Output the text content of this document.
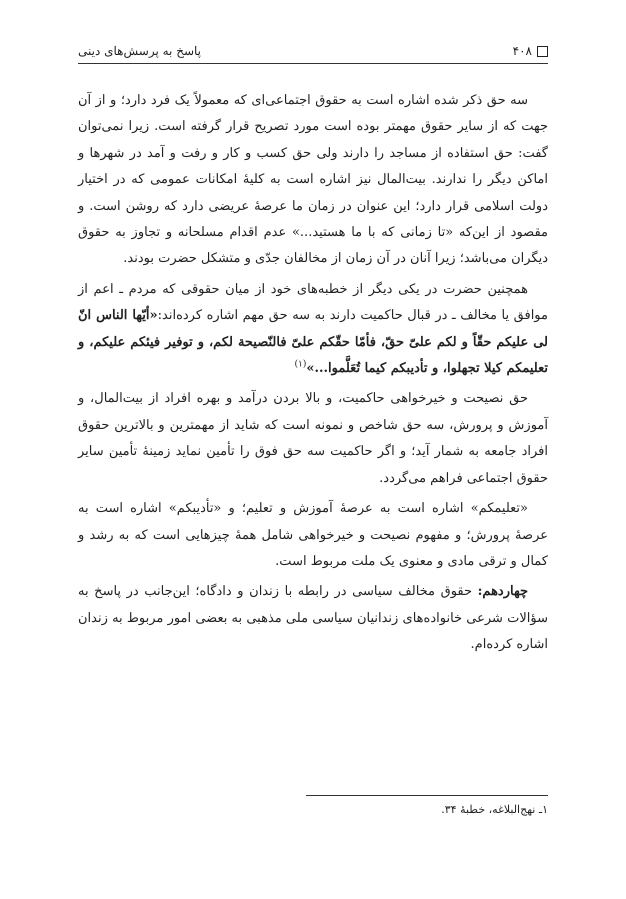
۴۰۸
پاسخ به پرسش‌های دینی

سه حق ذکر شده اشاره است به حقوق اجتماعی‌ای که معمولاً یک فرد دارد؛ و از آن جهت که از سایر حقوق مهمتر بوده است مورد تصریح قرار گرفته است. زیرا نمی‌توان گفت: حق استفاده از مساجد را دارند ولی حق کسب و کار و رفت و آمد در شهرها و اماکن دیگر را ندارند. بیت‌المال نیز اشاره است به کلیهٔ امکانات عمومی که در اختیار دولت اسلامی قرار دارد؛ این عنوان در زمان ما عرصهٔ عریضی دارد که روشن است. و مقصود از این‌که «تا زمانی که با ما هستید...» عدم اقدام مسلحانه و تجاوز به حقوق دیگران می‌باشد؛ زیرا آنان در آن زمان از مخالفان جدّی و متشکل حضرت بودند.

همچنین حضرت در یکی دیگر از خطبه‌های خود از میان حقوقی که مردم ـ اعم از موافق یا مخالف ـ در قبال حاکمیت دارند به سه حق مهم اشاره کرده‌اند:«أيّها الناس انّ لى عليكم حقّاً و لكم علىّ حقّ، فأمّا حقّكم علىّ فالنّصيحة لكم، و توفير فيئكم عليكم، و تعليمكم كيلا تجهلوا، و تأديبكم كيما تُعَلَّموا...»$^{(۱)}$

حق نصیحت و خیرخواهی حاکمیت، و بالا بردن درآمد و بهره افراد از بیت‌المال، و آموزش و پرورش، سه حق شاخص و نمونه است که شاید از مهمترین و بالاترین حقوق افراد جامعه به شمار آید؛ و اگر حاکمیت سه حق فوق را تأمین نماید زمینهٔ تأمین سایر حقوق اجتماعی فراهم می‌گردد.

«تعلیمکم» اشاره است به عرصهٔ آموزش و تعلیم؛ و «تأدیبکم» اشاره است به عرصهٔ پرورش؛ و مفهوم نصیحت و خیرخواهی شامل همهٔ چیزهایی است که به رشد و کمال و ترقی مادی و معنوی یک ملت مربوط است.

چهاردهم: حقوق مخالف سیاسی در رابطه با زندان و دادگاه؛ این‌جانب در پاسخ به سؤالات شرعی خانواده‌های زندانیان سیاسی ملی مذهبی به بعضی امور مربوط به زندان اشاره کرده‌ام.

۱ـ نهج‌البلاغه، خطبهٔ ۳۴.
